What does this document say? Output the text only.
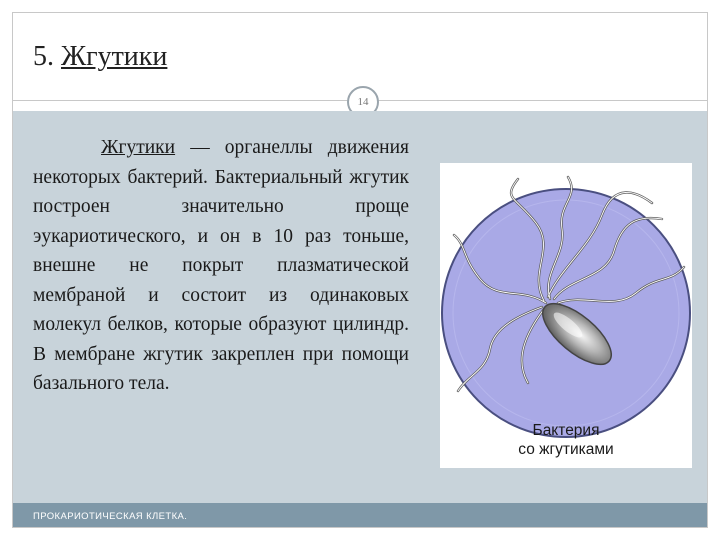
5. Жгутики
14
Жгутики — органеллы движения некоторых бактерий. Бактериальный жгутик построен значительно проще эукариотического, и он в 10 раз тоньше, внешне не покрыт плазматической мембраной и состоит из одинаковых молекул белков, которые образуют цилиндр. В мембране жгутик закреплен при помощи базального тела.
Бактерия
со жгутиками
ПРОКАРИОТИЧЕСКАЯ КЛЕТКА.
